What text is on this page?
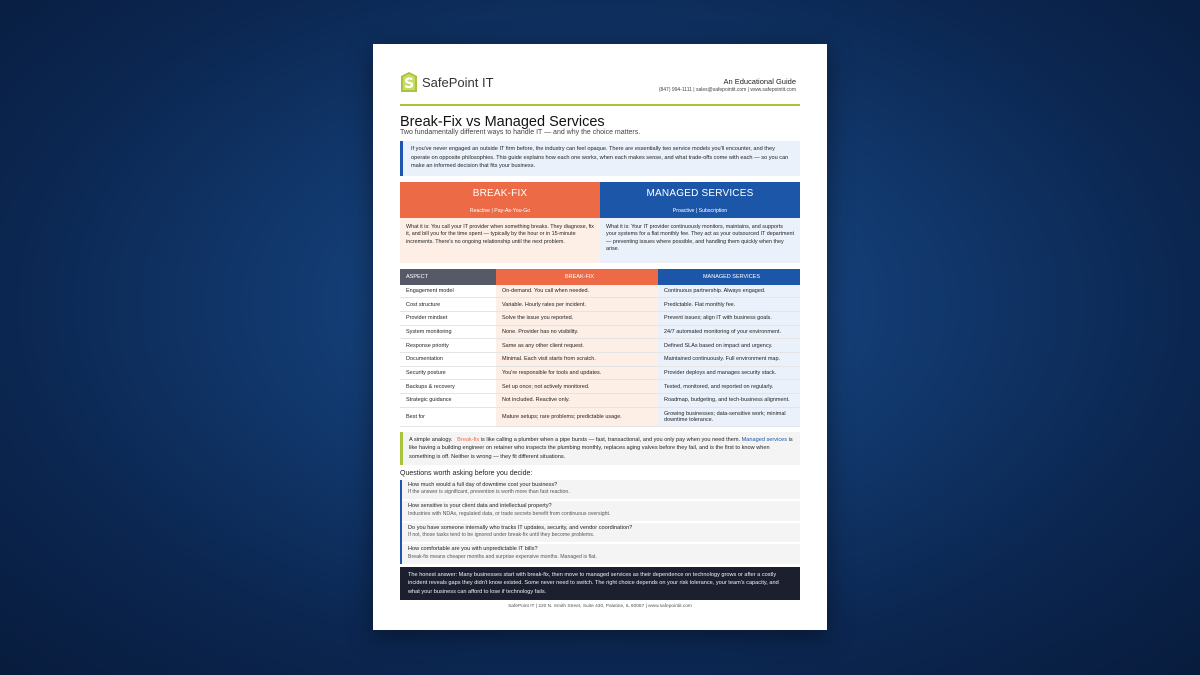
S SafePoint IT	An Educational Guide
(847) 994-1111 | sales@safepointit.com | www.safepointit.com
Break-Fix vs Managed Services
Two fundamentally different ways to handle IT — and why the choice matters.
If you've never engaged an outside IT firm before, the industry can feel opaque. There are essentially two service models you'll encounter, and they operate on opposite philosophies. This guide explains how each one works, when each makes sense, and what trade-offs come with each — so you can make an informed decision that fits your business.
BREAK-FIX
Reactive | Pay-As-You-Go
What it is: You call your IT provider when something breaks. They diagnose, fix it, and bill you for the time spent — typically by the hour or in 15-minute increments. There's no ongoing relationship until the next problem.
MANAGED SERVICES
Proactive | Subscription
What it is: Your IT provider continuously monitors, maintains, and supports your systems for a flat monthly fee. They act as your outsourced IT department — preventing issues where possible, and handling them quickly when they arise.
ASPECT	BREAK-FIX	MANAGED SERVICES
Engagement model	On-demand. You call when needed.	Continuous partnership. Always engaged.
Cost structure	Variable. Hourly rates per incident.	Predictable. Flat monthly fee.
Provider mindset	Solve the issue you reported.	Prevent issues; align IT with business goals.
System monitoring	None. Provider has no visibility.	24/7 automated monitoring of your environment.
Response priority	Same as any other client request.	Defined SLAs based on impact and urgency.
Documentation	Minimal. Each visit starts from scratch.	Maintained continuously. Full environment map.
Security posture	You're responsible for tools and updates.	Provider deploys and manages security stack.
Backups & recovery	Set up once; not actively monitored.	Tested, monitored, and reported on regularly.
Strategic guidance	Not included. Reactive only.	Roadmap, budgeting, and tech-business alignment.
Best for	Mature setups; rare problems; predictable usage.	Growing businesses; data-sensitive work; minimal downtime tolerance.
A simple analogy. Break-fix is like calling a plumber when a pipe bursts — fast, transactional, and you only pay when you need them. Managed services is like having a building engineer on retainer who inspects the plumbing monthly, replaces aging valves before they fail, and is the first to know when something is off. Neither is wrong — they fit different situations.
Questions worth asking before you decide:
How much would a full day of downtime cost your business?
If the answer is significant, prevention is worth more than fast reaction.
How sensitive is your client data and intellectual property?
Industries with NDAs, regulated data, or trade secrets benefit from continuous oversight.
Do you have someone internally who tracks IT updates, security, and vendor coordination?
If not, those tasks tend to be ignored under break-fix until they become problems.
How comfortable are you with unpredictable IT bills?
Break-fix means cheaper months and surprise expensive months. Managed is flat.
The honest answer: Many businesses start with break-fix, then move to managed services as their dependence on technology grows or after a costly incident reveals gaps they didn't know existed. Some never need to switch. The right choice depends on your risk tolerance, your team's capacity, and what your business can afford to lose if technology fails.
SafePoint IT | 220 N. Smith Street, Suite 430, Palatine, IL 60067 | www.safepointit.com
